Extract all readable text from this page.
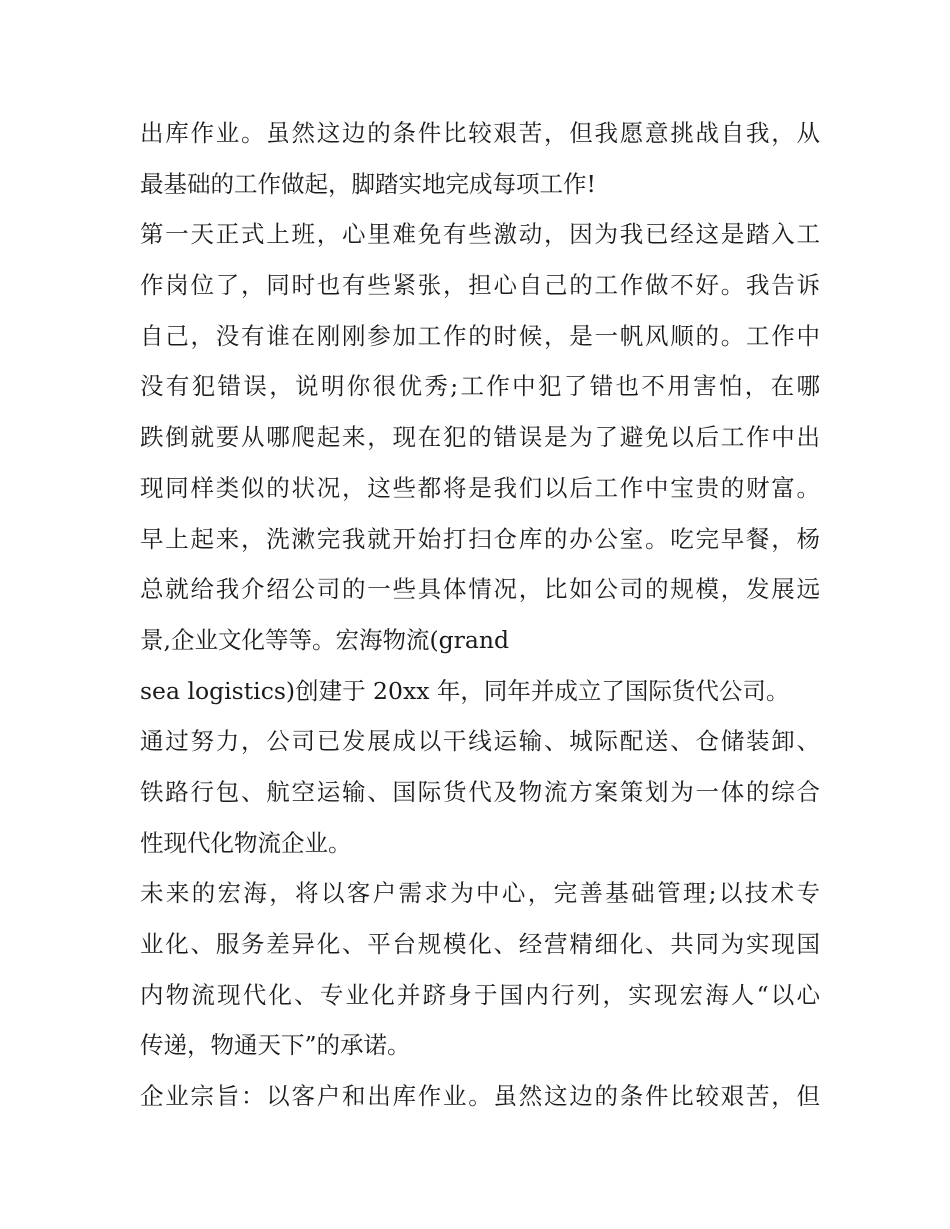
出库作业。虽然这边的条件比较艰苦，但我愿意挑战自我，从

最基础的工作做起，脚踏实地完成每项工作!

第一天正式上班，心里难免有些激动，因为我已经这是踏入工

作岗位了，同时也有些紧张，担心自己的工作做不好。我告诉

自己，没有谁在刚刚参加工作的时候，是一帆风顺的。工作中

没有犯错误，说明你很优秀;工作中犯了错也不用害怕，在哪

跌倒就要从哪爬起来，现在犯的错误是为了避免以后工作中出

现同样类似的状况，这些都将是我们以后工作中宝贵的财富。

早上起来，洗漱完我就开始打扫仓库的办公室。吃完早餐，杨

总就给我介绍公司的一些具体情况，比如公司的规模，发展远

景,企业文化等等。宏海物流(grand

sea logistics)创建于 20xx 年，同年并成立了国际货代公司。

通过努力，公司已发展成以干线运输、城际配送、仓储装卸、

铁路行包、航空运输、国际货代及物流方案策划为一体的综合

性现代化物流企业。

未来的宏海，将以客户需求为中心，完善基础管理;以技术专

业化、服务差异化、平台规模化、经营精细化、共同为实现国

内物流现代化、专业化并跻身于国内行列，实现宏海人“以心

传递，物通天下”的承诺。

企业宗旨：以客户和出库作业。虽然这边的条件比较艰苦，但
